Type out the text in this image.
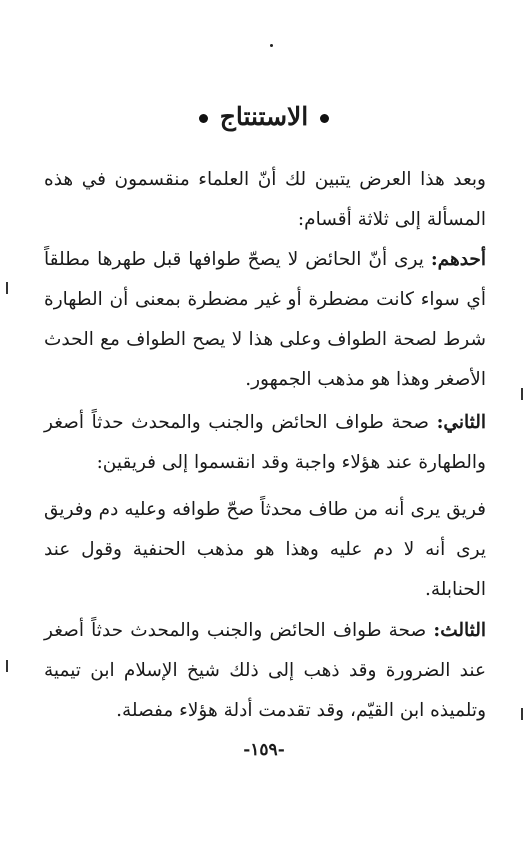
الاستنتاج
وبعد هذا العرض يتبين لك أنّ العلماء منقسمون في هذه المسألة إلى ثلاثة أقسام:
أحدهم: يرى أنّ الحائض لا يصحّ طوافها قبل طهرها مطلقاً أي سواء كانت مضطرة أو غير مضطرة بمعنى أن الطهارة شرط لصحة الطواف وعلى هذا لا يصح الطواف مع الحدث الأصغر وهذا هو مذهب الجمهور.
الثاني: صحة طواف الحائض والجنب والمحدث حدثاً أصغر والطهارة عند هؤلاء واجبة وقد انقسموا إلى فريقين:
فريق يرى أنه من طاف محدثاً صحّ طوافه وعليه دم وفريق يرى أنه لا دم عليه وهذا هو مذهب الحنفية وقول عند الحنابلة.
الثالث: صحة طواف الحائض والجنب والمحدث حدثاً أصغر عند الضرورة وقد ذهب إلى ذلك شيخ الإسلام ابن تيمية وتلميذه ابن القيّم، وقد تقدمت أدلة هؤلاء مفصلة.
-١٥٩-
